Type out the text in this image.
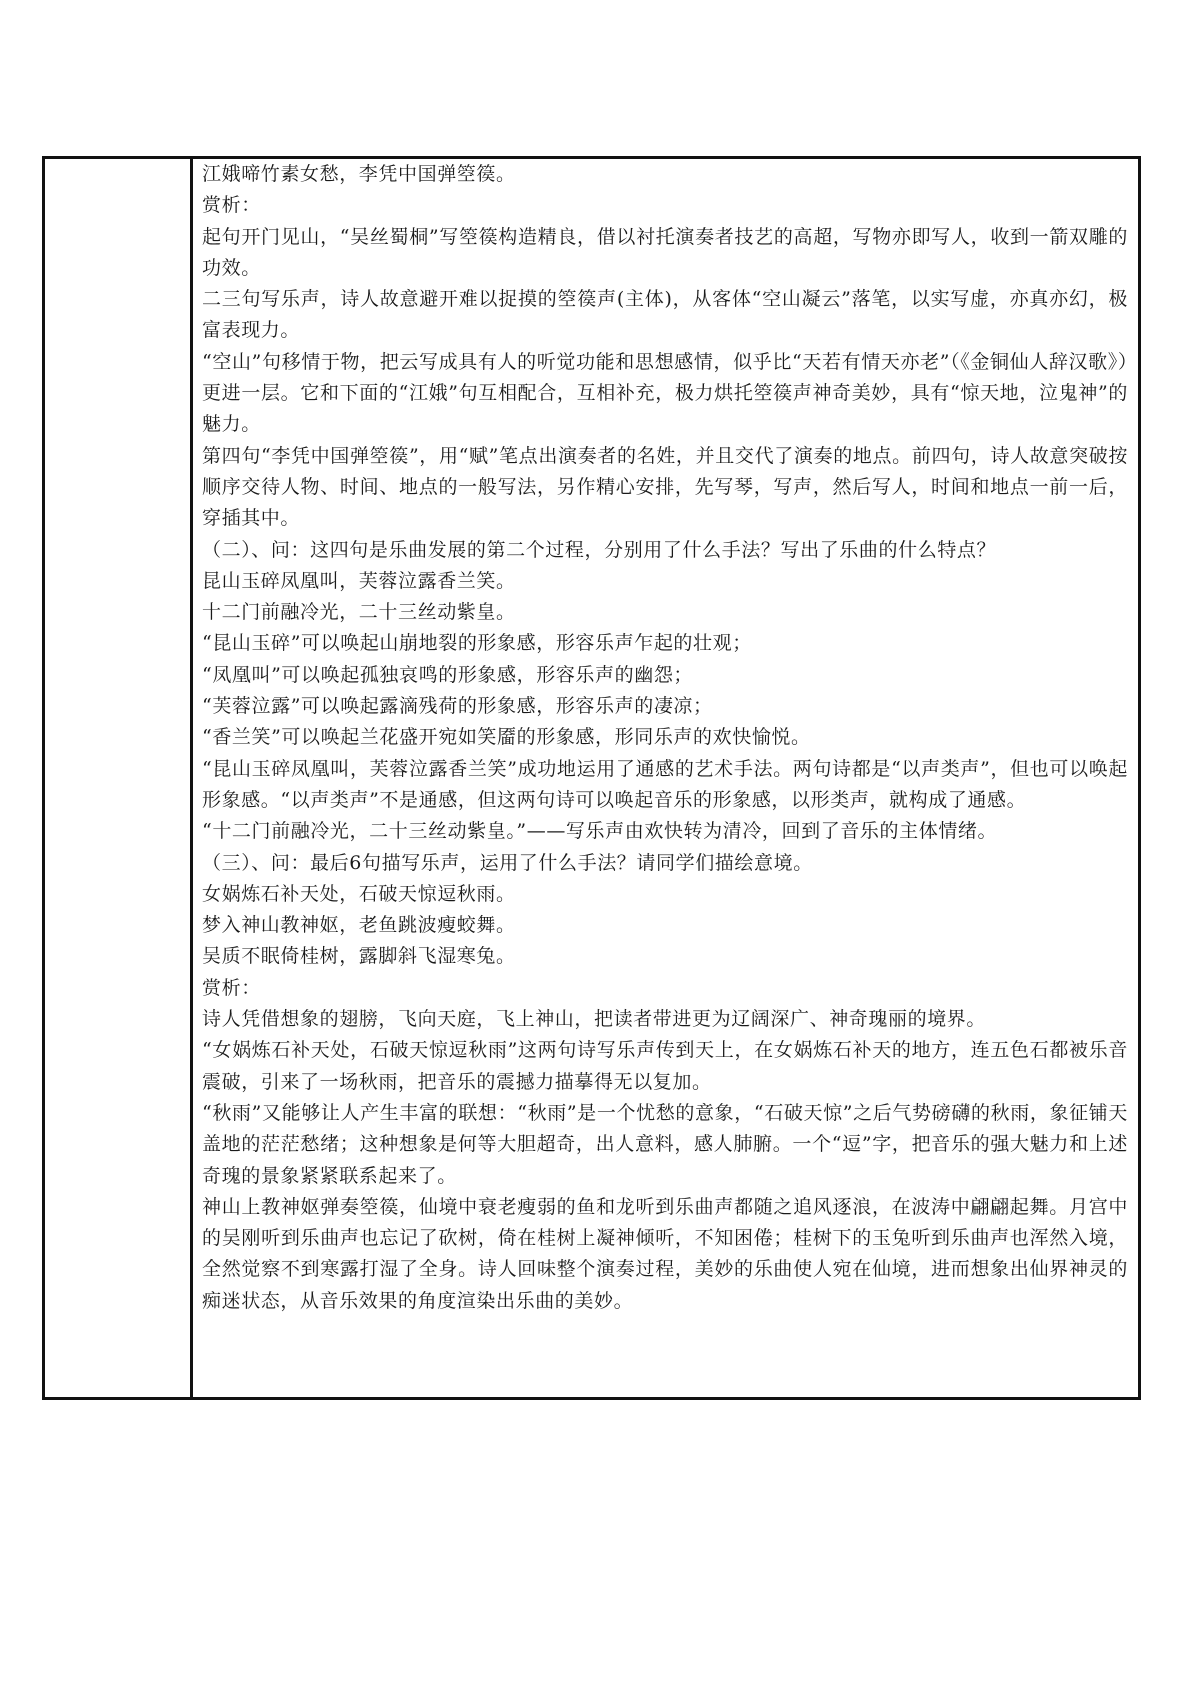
江娥啼竹素女愁，李凭中国弹箜篌。

赏析：

起句开门见山，“吴丝蜀桐”写箜篌构造精良，借以衬托演奏者技艺的高超，写物亦即写人，收到一箭双雕的功效。

二三句写乐声，诗人故意避开难以捉摸的箜篌声(主体)，从客体“空山凝云”落笔，以实写虚，亦真亦幻，极富表现力。

“空山”句移情于物，把云写成具有人的听觉功能和思想感情，似乎比“天若有情天亦老”（《金铜仙人辞汉歌》）更进一层。它和下面的“江娥”句互相配合，互相补充，极力烘托箜篌声神奇美妙，具有“惊天地，泣鬼神”的魅力。

第四句“李凭中国弹箜篌”，用“赋”笔点出演奏者的名姓，并且交代了演奏的地点。前四句，诗人故意突破按顺序交待人物、时间、地点的一般写法，另作精心安排，先写琴，写声，然后写人，时间和地点一前一后，穿插其中。

（二）、问：这四句是乐曲发展的第二个过程，分别用了什么手法？写出了乐曲的什么特点？

昆山玉碎凤凰叫，芙蓉泣露香兰笑。

十二门前融冷光，二十三丝动紫皇。

“昆山玉碎”可以唤起山崩地裂的形象感，形容乐声乍起的壮观；

“凤凰叫”可以唤起孤独哀鸣的形象感，形容乐声的幽怨；

“芙蓉泣露”可以唤起露滴残荷的形象感，形容乐声的凄凉；

“香兰笑”可以唤起兰花盛开宛如笑靥的形象感，形同乐声的欢快愉悦。

“昆山玉碎凤凰叫，芙蓉泣露香兰笑”成功地运用了通感的艺术手法。两句诗都是“以声类声”，但也可以唤起形象感。“以声类声”不是通感，但这两句诗可以唤起音乐的形象感，以形类声，就构成了通感。

“十二门前融冷光，二十三丝动紫皇。”——写乐声由欢快转为清冷，回到了音乐的主体情绪。

（三）、问：最后6句描写乐声，运用了什么手法？请同学们描绘意境。

女娲炼石补天处，石破天惊逗秋雨。

梦入神山教神妪，老鱼跳波瘦蛟舞。

吴质不眠倚桂树，露脚斜飞湿寒兔。

赏析：

诗人凭借想象的翅膀，飞向天庭，飞上神山，把读者带进更为辽阔深广、神奇瑰丽的境界。

“女娲炼石补天处，石破天惊逗秋雨”这两句诗写乐声传到天上，在女娲炼石补天的地方，连五色石都被乐音震破，引来了一场秋雨，把音乐的震撼力描摹得无以复加。

“秋雨”又能够让人产生丰富的联想：“秋雨”是一个忧愁的意象，“石破天惊”之后气势磅礴的秋雨，象征铺天盖地的茫茫愁绪；这种想象是何等大胆超奇，出人意料，感人肺腑。一个“逗”字，把音乐的强大魅力和上述奇瑰的景象紧紧联系起来了。

神山上教神妪弹奏箜篌，仙境中衰老瘦弱的鱼和龙听到乐曲声都随之追风逐浪，在波涛中翩翩起舞。月宫中的吴刚听到乐曲声也忘记了砍树，倚在桂树上凝神倾听，不知困倦；桂树下的玉兔听到乐曲声也浑然入境，全然觉察不到寒露打湿了全身。诗人回味整个演奏过程，美妙的乐曲使人宛在仙境，进而想象出仙界神灵的痴迷状态，从音乐效果的角度渲染出乐曲的美妙。
